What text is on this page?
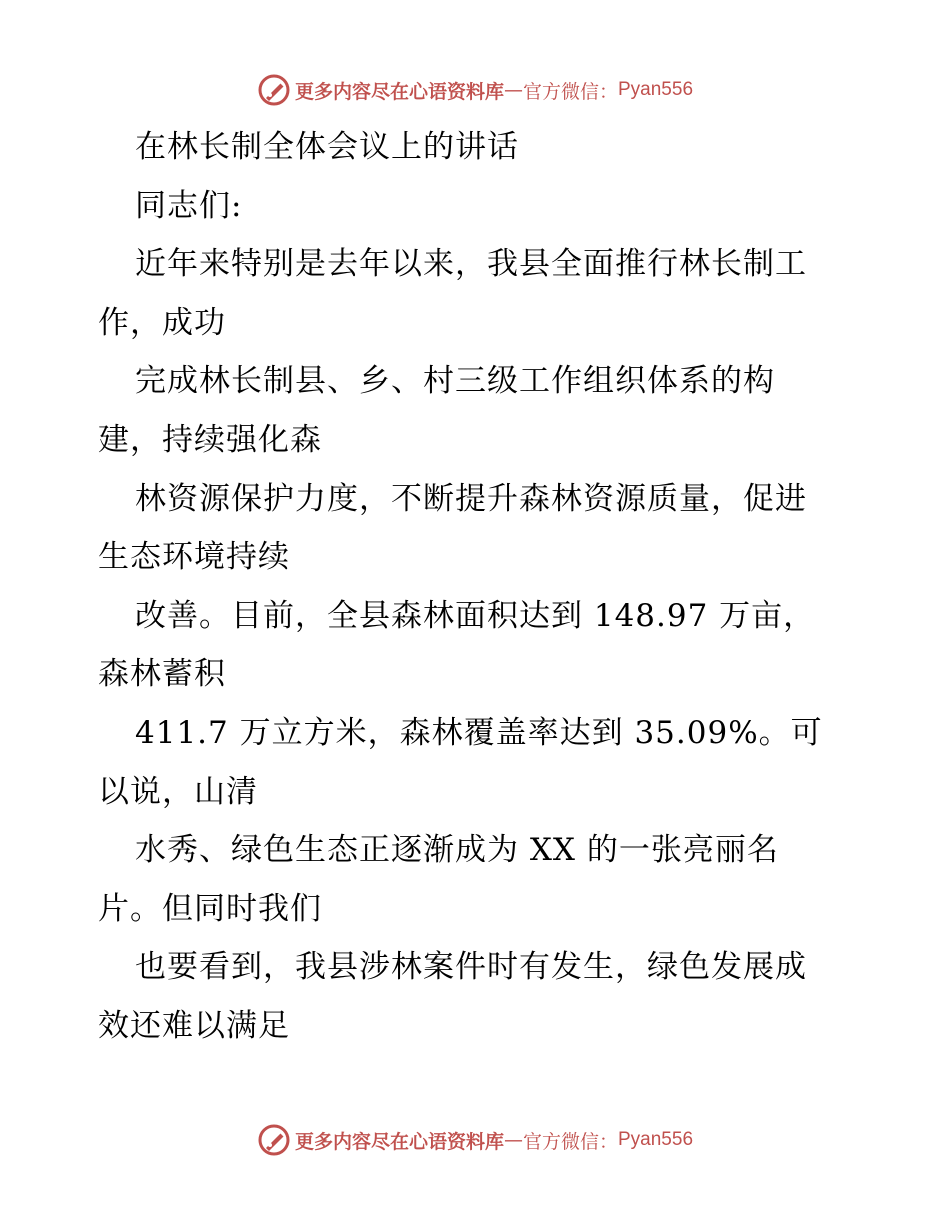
更多内容尽在心语资料库 — 官方微信： Pyan556
在林长制全体会议上的讲话
同志们:
近年来特别是去年以来，我县全面推行林长制工
作，成功
完成林长制县、乡、村三级工作组织体系的构
建，持续强化森
林资源保护力度，不断提升森林资源质量，促进
生态环境持续
改善。目前，全县森林面积达到 148.97 万亩，
森林蓄积
411.7 万立方米，森林覆盖率达到 35.09%。可
以说，山清
水秀、绿色生态正逐渐成为 XX 的一张亮丽名
片。但同时我们
也要看到，我县涉林案件时有发生，绿色发展成
效还难以满足
更多内容尽在心语资料库 — 官方微信： Pyan556
